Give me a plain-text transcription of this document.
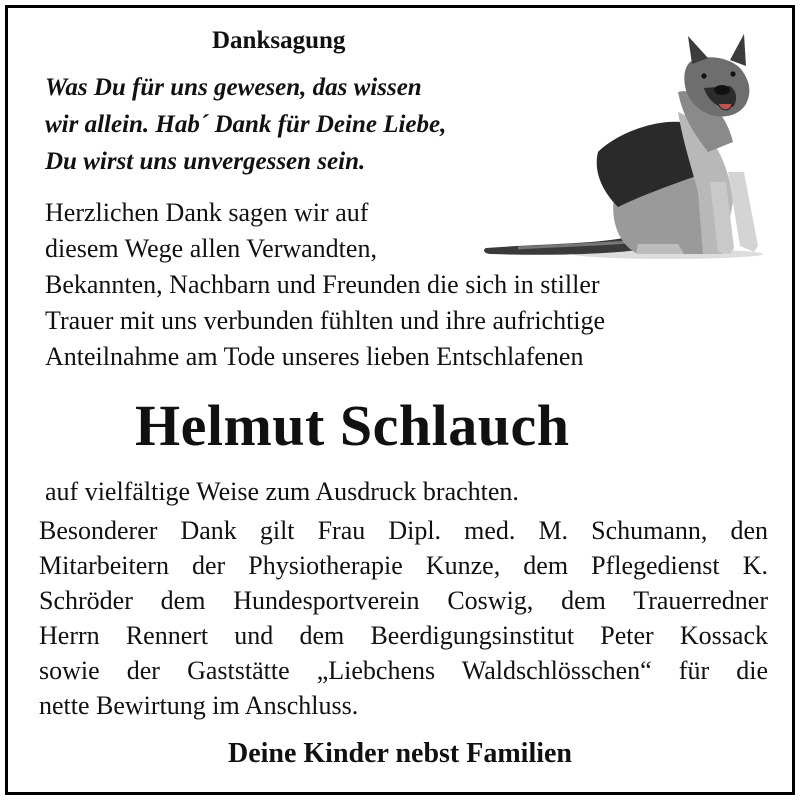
Danksagung

Was Du für uns gewesen, das wissen

wir allein. Hab´ Dank für Deine Liebe,

Du wirst uns unvergessen sein.

Herzlichen Dank sagen wir auf

diesem Wege allen Verwandten,

Bekannten, Nachbarn und Freunden die sich in stiller

Trauer mit uns verbunden fühlten und ihre aufrichtige

Anteilnahme am Tode unseres lieben Entschlafenen

Helmut Schlauch

auf vielfältige Weise zum Ausdruck brachten.

Besonderer Dank gilt Frau Dipl. med. M. Schumann, den

Mitarbeitern der Physiotherapie Kunze, dem Pflegedienst K.

Schröder dem Hundesportverein Coswig, dem Trauerredner

Herrn Rennert und dem Beerdigungsinstitut Peter Kossack

sowie der Gaststätte „Liebchens Waldschlösschen“ für die

nette Bewirtung im Anschluss.

Deine Kinder nebst Familien
